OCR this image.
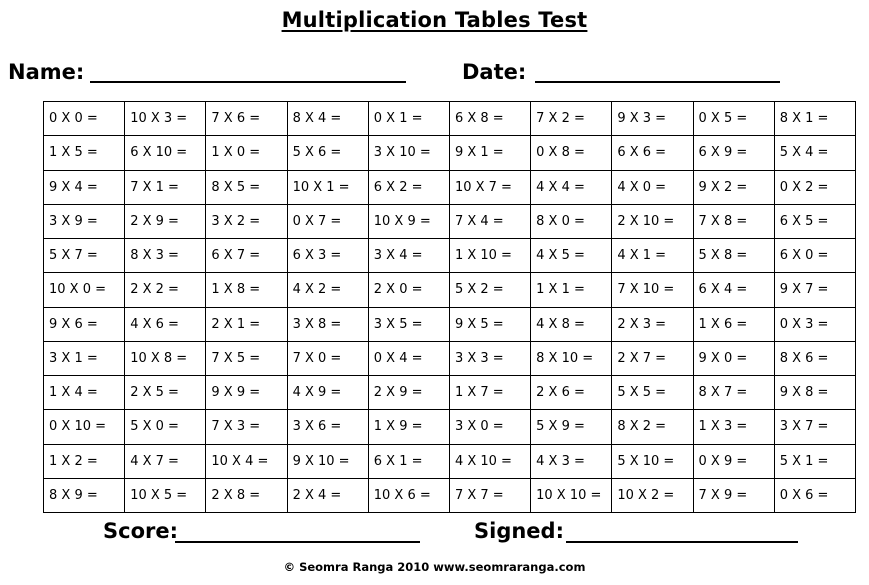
Multiplication Tables Test
Name:	Date:
0 X 0 =	10 X 3 =	7 X 6 =	8 X 4 =	0 X 1 =	6 X 8 =	7 X 2 =	9 X 3 =	0 X 5 =	8 X 1 =
1 X 5 =	6 X 10 =	1 X 0 =	5 X 6 =	3 X 10 =	9 X 1 =	0 X 8 =	6 X 6 =	6 X 9 =	5 X 4 =
9 X 4 =	7 X 1 =	8 X 5 =	10 X 1 =	6 X 2 =	10 X 7 =	4 X 4 =	4 X 0 =	9 X 2 =	0 X 2 =
3 X 9 =	2 X 9 =	3 X 2 =	0 X 7 =	10 X 9 =	7 X 4 =	8 X 0 =	2 X 10 =	7 X 8 =	6 X 5 =
5 X 7 =	8 X 3 =	6 X 7 =	6 X 3 =	3 X 4 =	1 X 10 =	4 X 5 =	4 X 1 =	5 X 8 =	6 X 0 =
10 X 0 =	2 X 2 =	1 X 8 =	4 X 2 =	2 X 0 =	5 X 2 =	1 X 1 =	7 X 10 =	6 X 4 =	9 X 7 =
9 X 6 =	4 X 6 =	2 X 1 =	3 X 8 =	3 X 5 =	9 X 5 =	4 X 8 =	2 X 3 =	1 X 6 =	0 X 3 =
3 X 1 =	10 X 8 =	7 X 5 =	7 X 0 =	0 X 4 =	3 X 3 =	8 X 10 =	2 X 7 =	9 X 0 =	8 X 6 =
1 X 4 =	2 X 5 =	9 X 9 =	4 X 9 =	2 X 9 =	1 X 7 =	2 X 6 =	5 X 5 =	8 X 7 =	9 X 8 =
0 X 10 =	5 X 0 =	7 X 3 =	3 X 6 =	1 X 9 =	3 X 0 =	5 X 9 =	8 X 2 =	1 X 3 =	3 X 7 =
1 X 2 =	4 X 7 =	10 X 4 =	9 X 10 =	6 X 1 =	4 X 10 =	4 X 3 =	5 X 10 =	0 X 9 =	5 X 1 =
8 X 9 =	10 X 5 =	2 X 8 =	2 X 4 =	10 X 6 =	7 X 7 =	10 X 10 =	10 X 2 =	7 X 9 =	0 X 6 =
Score:	Signed:
© Seomra Ranga 2010 www.seomraranga.com
